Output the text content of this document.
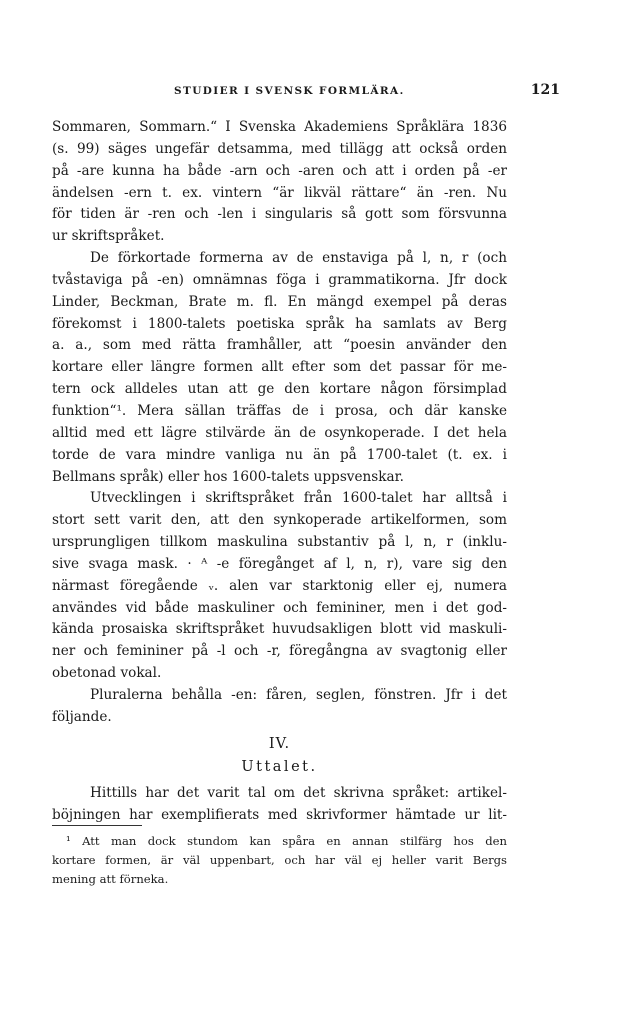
STUDIER I SVENSK FORMLÄRA.	121
Sommaren, Sommarn.“ I Svenska Akademiens Språklära 1836
(s. 99) säges ungefär detsamma, med tillägg att också orden
på -are kunna ha både -arn och -aren och att i orden på -er
ändelsen -ern t. ex. vintern “är likväl rättare“ än -ren. Nu
för tiden är -ren och -len i singularis så gott som försvunna
ur skriftspråket.
De förkortade formerna av de enstaviga på l, n, r (och
tvåstaviga på -en) omnämnas föga i grammatikorna. Jfr dock
Linder, Beckman, Brate m. fl. En mängd exempel på deras
förekomst i 1800-talets poetiska språk ha samlats av Berg
a. a., som med rätta framhåller, att “poesin använder den
kortare eller längre formen allt efter som det passar för me-
tern ock alldeles utan att ge den kortare någon försimplad
funktion“¹. Mera sällan träffas de i prosa, och där kanske
alltid med ett lägre stilvärde än de osynkoperade. I det hela
torde de vara mindre vanliga nu än på 1700-talet (t. ex. i
Bellmans språk) eller hos 1600-talets uppsvenskar.
Utvecklingen i skriftspråket från 1600-talet har alltså i
stort sett varit den, att den synkoperade artikelformen, som
ursprungligen tillkom maskulina substantiv på l, n, r (inklu-
sive svaga mask. · ᴬ -e föregånget af l, n, r), vare sig den
närmast föregående ᵥ. alen var starktonig eller ej, numera
användes vid både maskuliner och femininer, men i det god-
kända prosaiska skriftspråket huvudsakligen blott vid maskuli-
ner och femininer på -l och -r, föregångna av svagtonig eller
obetonad vokal.
Pluralerna behålla -en: fåren, seglen, fönstren. Jfr i det
följande.
IV.
Uttalet.
Hittills har det varit tal om det skrivna språket: artikel-
böjningen har exemplifierats med skrivformer hämtade ur lit-
¹ Att man dock stundom kan spåra en annan stilfärg hos den
kortare formen, är väl uppenbart, och har väl ej heller varit Bergs
mening att förneka.
